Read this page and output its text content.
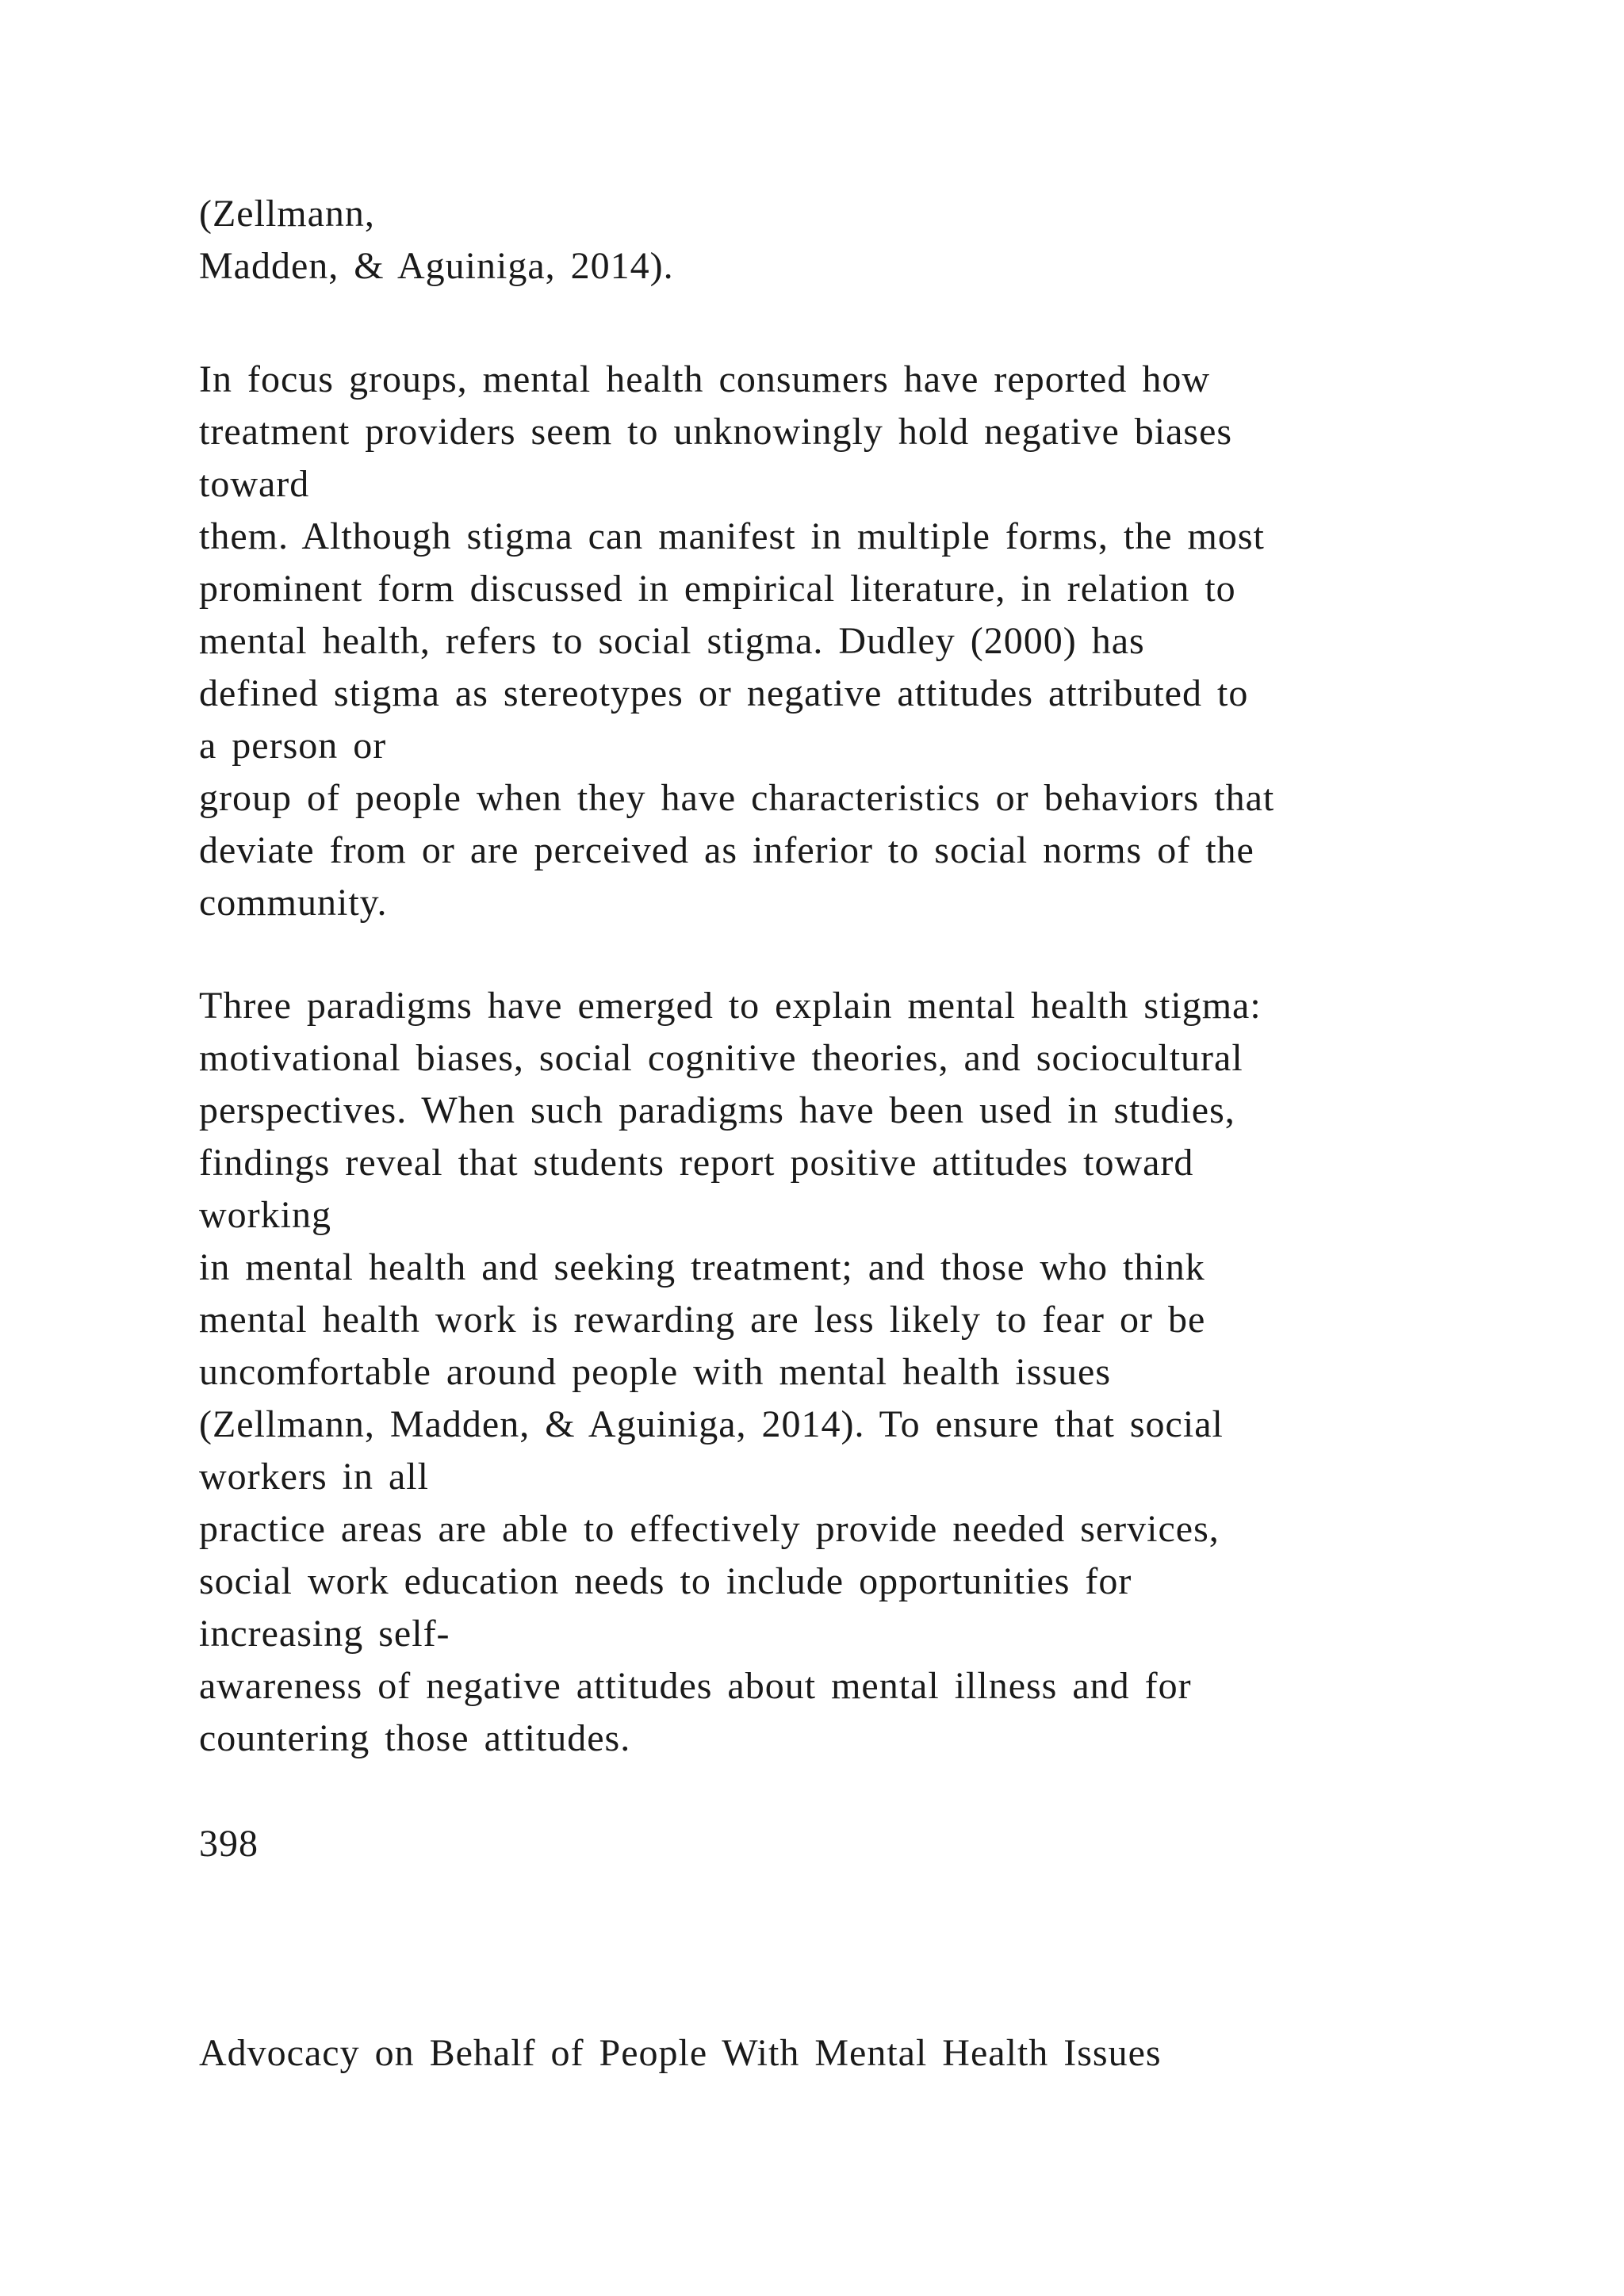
(Zellmann,
Madden, & Aguiniga, 2014).
In focus groups, mental health consumers have reported how
treatment providers seem to unknowingly hold negative biases
toward
them. Although stigma can manifest in multiple forms, the most
prominent form discussed in empirical literature, in relation to
mental health, refers to social stigma. Dudley (2000) has
defined stigma as stereotypes or negative attitudes attributed to
a person or
group of people when they have characteristics or behaviors that
deviate from or are perceived as inferior to social norms of the
community.
Three paradigms have emerged to explain mental health stigma:
motivational biases, social cognitive theories, and sociocultural
perspectives. When such paradigms have been used in studies,
findings reveal that students report positive attitudes toward
working
in mental health and seeking treatment; and those who think
mental health work is rewarding are less likely to fear or be
uncomfortable around people with mental health issues
(Zellmann, Madden, & Aguiniga, 2014). To ensure that social
workers in all
practice areas are able to effectively provide needed services,
social work education needs to include opportunities for
increasing self-
awareness of negative attitudes about mental illness and for
countering those attitudes.
398
Advocacy on Behalf of People With Mental Health Issues
